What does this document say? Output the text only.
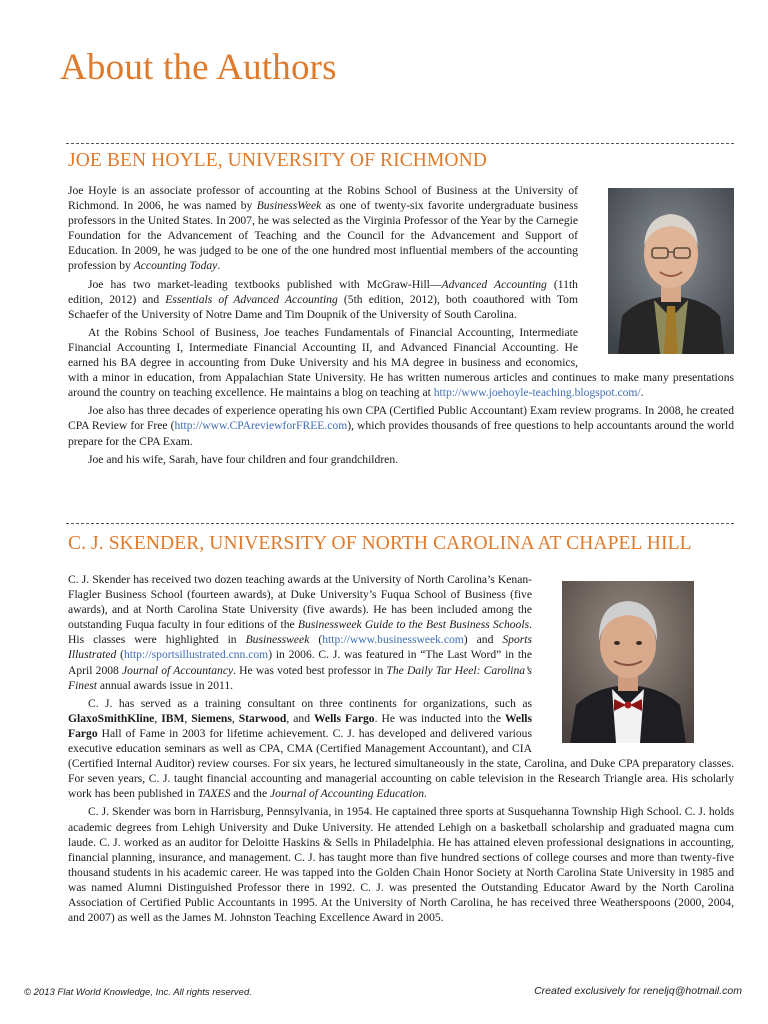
About the Authors
JOE BEN HOYLE, UNIVERSITY OF RICHMOND

Joe Hoyle is an associate professor of accounting at the Robins School of Business at the University of Richmond. In 2006, he was named by BusinessWeek as one of twenty-six favorite undergraduate business professors in the United States. In 2007, he was selected as the Virginia Professor of the Year by the Carnegie Foundation for the Advancement of Teaching and the Council for the Advancement and Support of Education. In 2009, he was judged to be one of the one hundred most influential members of the accounting profession by Accounting Today.

Joe has two market-leading textbooks published with McGraw-Hill—Advanced Accounting (11th edition, 2012) and Essentials of Advanced Accounting (5th edition, 2012), both coauthored with Tom Schaefer of the University of Notre Dame and Tim Doupnik of the University of South Carolina.

At the Robins School of Business, Joe teaches Fundamentals of Financial Accounting, Intermediate Financial Accounting I, Intermediate Financial Accounting II, and Advanced Financial Accounting. He earned his BA degree in accounting from Duke University and his MA degree in business and economics, with a minor in education, from Appalachian State University. He has written numerous articles and continues to make many presentations around the country on teaching excellence. He maintains a blog on teaching at http://www.joehoyle-teaching.blogspot.com/.

Joe also has three decades of experience operating his own CPA (Certified Public Accountant) Exam review programs. In 2008, he created CPA Review for Free (http://www.CPAreviewforFREE.com), which provides thousands of free questions to help accountants around the world prepare for the CPA Exam.

Joe and his wife, Sarah, have four children and four grandchildren.

C. J. SKENDER, UNIVERSITY OF NORTH CAROLINA AT CHAPEL HILL

C. J. Skender has received two dozen teaching awards at the University of North Carolina’s Kenan-Flagler Business School (fourteen awards), at Duke University’s Fuqua School of Business (five awards), and at North Carolina State University (five awards). He has been included among the outstanding Fuqua faculty in four editions of the Businessweek Guide to the Best Business Schools. His classes were highlighted in Businessweek (http://www.businessweek.com) and Sports Illustrated (http://sportsillustrated.cnn.com) in 2006. C. J. was featured in “The Last Word” in the April 2008 Journal of Accountancy. He was voted best professor in The Daily Tar Heel: Carolina’s Finest annual awards issue in 2011.

C. J. has served as a training consultant on three continents for organizations, such as GlaxoSmithKline, IBM, Siemens, Starwood, and Wells Fargo. He was inducted into the Wells Fargo Hall of Fame in 2003 for lifetime achievement. C. J. has developed and delivered various executive education seminars as well as CPA, CMA (Certified Management Accountant), and CIA (Certified Internal Auditor) review courses. For six years, he lectured simultaneously in the state, Carolina, and Duke CPA preparatory classes. For seven years, C. J. taught financial accounting and managerial accounting on cable television in the Research Triangle area. His scholarly work has been published in TAXES and the Journal of Accounting Education.

C. J. Skender was born in Harrisburg, Pennsylvania, in 1954. He captained three sports at Susquehanna Township High School. C. J. holds academic degrees from Lehigh University and Duke University. He attended Lehigh on a basketball scholarship and graduated magna cum laude. C. J. worked as an auditor for Deloitte Haskins & Sells in Philadelphia. He has attained eleven professional designations in accounting, financial planning, insurance, and management. C. J. has taught more than five hundred sections of college courses and more than twenty-five thousand students in his academic career. He was tapped into the Golden Chain Honor Society at North Carolina State University in 1985 and was named Alumni Distinguished Professor there in 1992. C. J. was presented the Outstanding Educator Award by the North Carolina Association of Certified Public Accountants in 1995. At the University of North Carolina, he has received three Weatherspoons (2000, 2004, and 2007) as well as the James M. Johnston Teaching Excellence Award in 2005.

© 2013 Flat World Knowledge, Inc. All rights reserved.	Created exclusively for reneljq@hotmail.com
